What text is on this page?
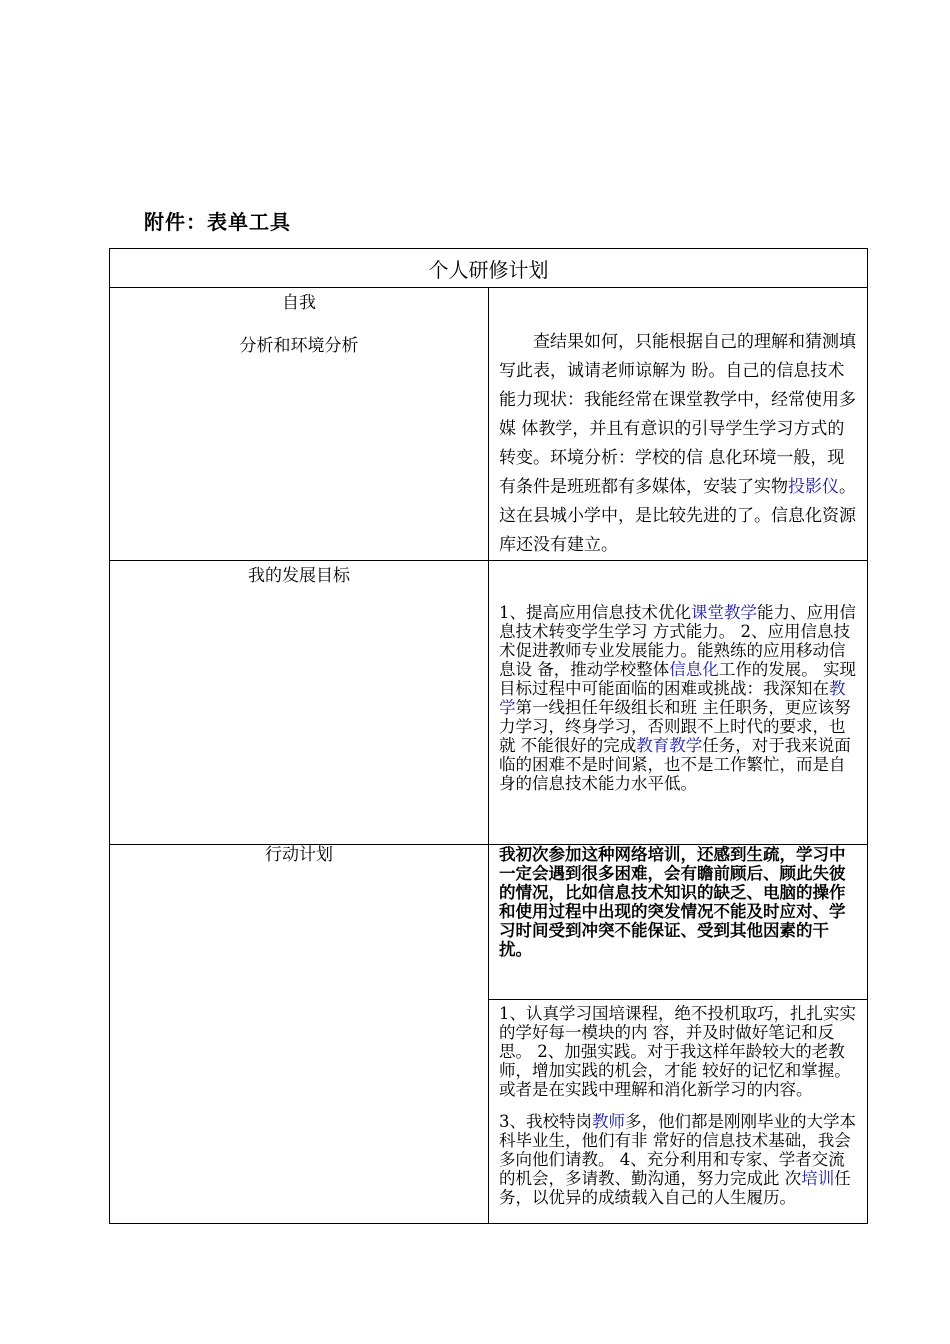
附件：表单工具
个人研修计划	

自我
分析和环境分析	查结果如何，只能根据自己的理解和猜测填写此表，诚请老师谅解为 盼。自己的信息技术能力现状：我能经常在课堂教学中，经常使用多媒 体教学，并且有意识的引导学生学习方式的转变。环境分析：学校的信 息化环境一般，现有条件是班班都有多媒体，安装了实物投影仪。这在县城小学中，是比较先进的了。信息化资源库还没有建立。

我的发展目标	1、提高应用信息技术优化课堂教学能力、应用信息技术转变学生学习 方式能力。 2、应用信息技术促进教师专业发展能力。能熟练的应用移动信息设 备，推动学校整体信息化工作的发展。 实现目标过程中可能面临的困难或挑战：我深知在教学第一线担任年级组长和班 主任职务，更应该努力学习，终身学习，否则跟不上时代的要求，也就 不能很好的完成教育教学任务，对于我来说面临的困难不是时间紧，也不是工作繁忙，而是自身的信息技术能力水平低。

行动计划	我初次参加这种网络培训，还感到生疏，学习中一定会遇到很多困难，会有瞻前顾后、顾此失彼的情况，比如信息技术知识的缺乏、电脑的操作和使用过程中出现的突发情况不能及时应对、学习时间受到冲突不能保证、受到其他因素的干扰。

	1、认真学习国培课程，绝不投机取巧，扎扎实实的学好每一模块的内 容，并及时做好笔记和反思。 2、加强实践。对于我这样年龄较大的老教师，增加实践的机会，才能 较好的记忆和掌握。或者是在实践中理解和消化新学习的内容。
3、我校特岗教师多，他们都是刚刚毕业的大学本科毕业生，他们有非 常好的信息技术基础，我会多向他们请教。 4、充分利用和专家、学者交流的机会，多请教、勤沟通，努力完成此 次培训任务，以优异的成绩载入自己的人生履历。
